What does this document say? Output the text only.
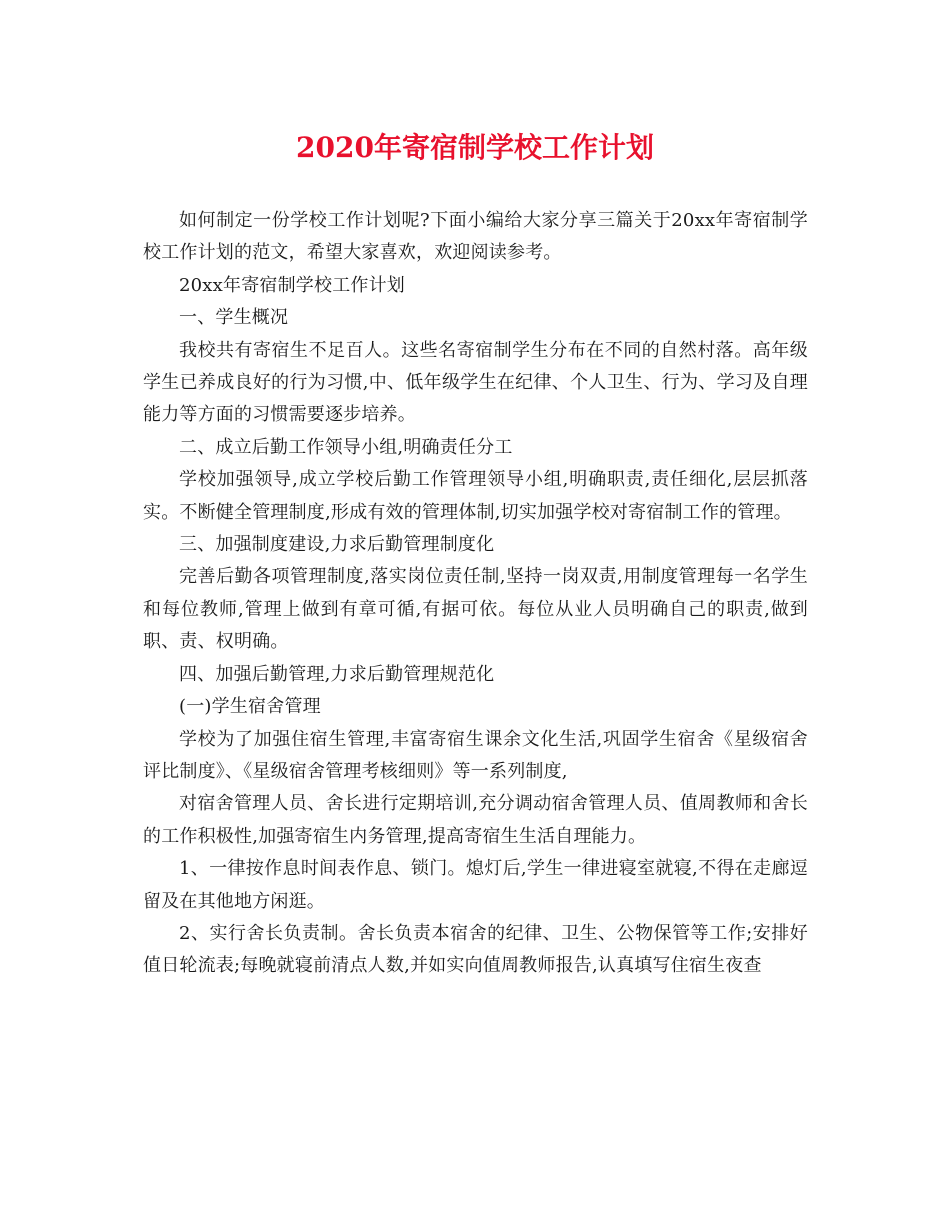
2020年寄宿制学校工作计划

如何制定一份学校工作计划呢?下面小编给大家分享三篇关于20xx年寄宿制学校工作计划的范文，希望大家喜欢，欢迎阅读参考。

20xx年寄宿制学校工作计划

一、学生概况

我校共有寄宿生不足百人。这些名寄宿制学生分布在不同的自然村落。高年级学生已养成良好的行为习惯,中、低年级学生在纪律、个人卫生、行为、学习及自理能力等方面的习惯需要逐步培养。

二、成立后勤工作领导小组,明确责任分工

学校加强领导,成立学校后勤工作管理领导小组,明确职责,责任细化,层层抓落实。不断健全管理制度,形成有效的管理体制,切实加强学校对寄宿制工作的管理。

三、加强制度建设,力求后勤管理制度化

完善后勤各项管理制度,落实岗位责任制,坚持一岗双责,用制度管理每一名学生和每位教师,管理上做到有章可循,有据可依。每位从业人员明确自己的职责,做到职、责、权明确。

四、加强后勤管理,力求后勤管理规范化

(一)学生宿舍管理

学校为了加强住宿生管理,丰富寄宿生课余文化生活,巩固学生宿舍《星级宿舍评比制度》、《星级宿舍管理考核细则》等一系列制度,

对宿舍管理人员、舍长进行定期培训,充分调动宿舍管理人员、值周教师和舍长的工作积极性,加强寄宿生内务管理,提高寄宿生生活自理能力。

1、一律按作息时间表作息、锁门。熄灯后,学生一律进寝室就寝,不得在走廊逗留及在其他地方闲逛。

2、实行舍长负责制。舍长负责本宿舍的纪律、卫生、公物保管等工作;安排好值日轮流表;每晚就寝前清点人数,并如实向值周教师报告,认真填写住宿生夜查
